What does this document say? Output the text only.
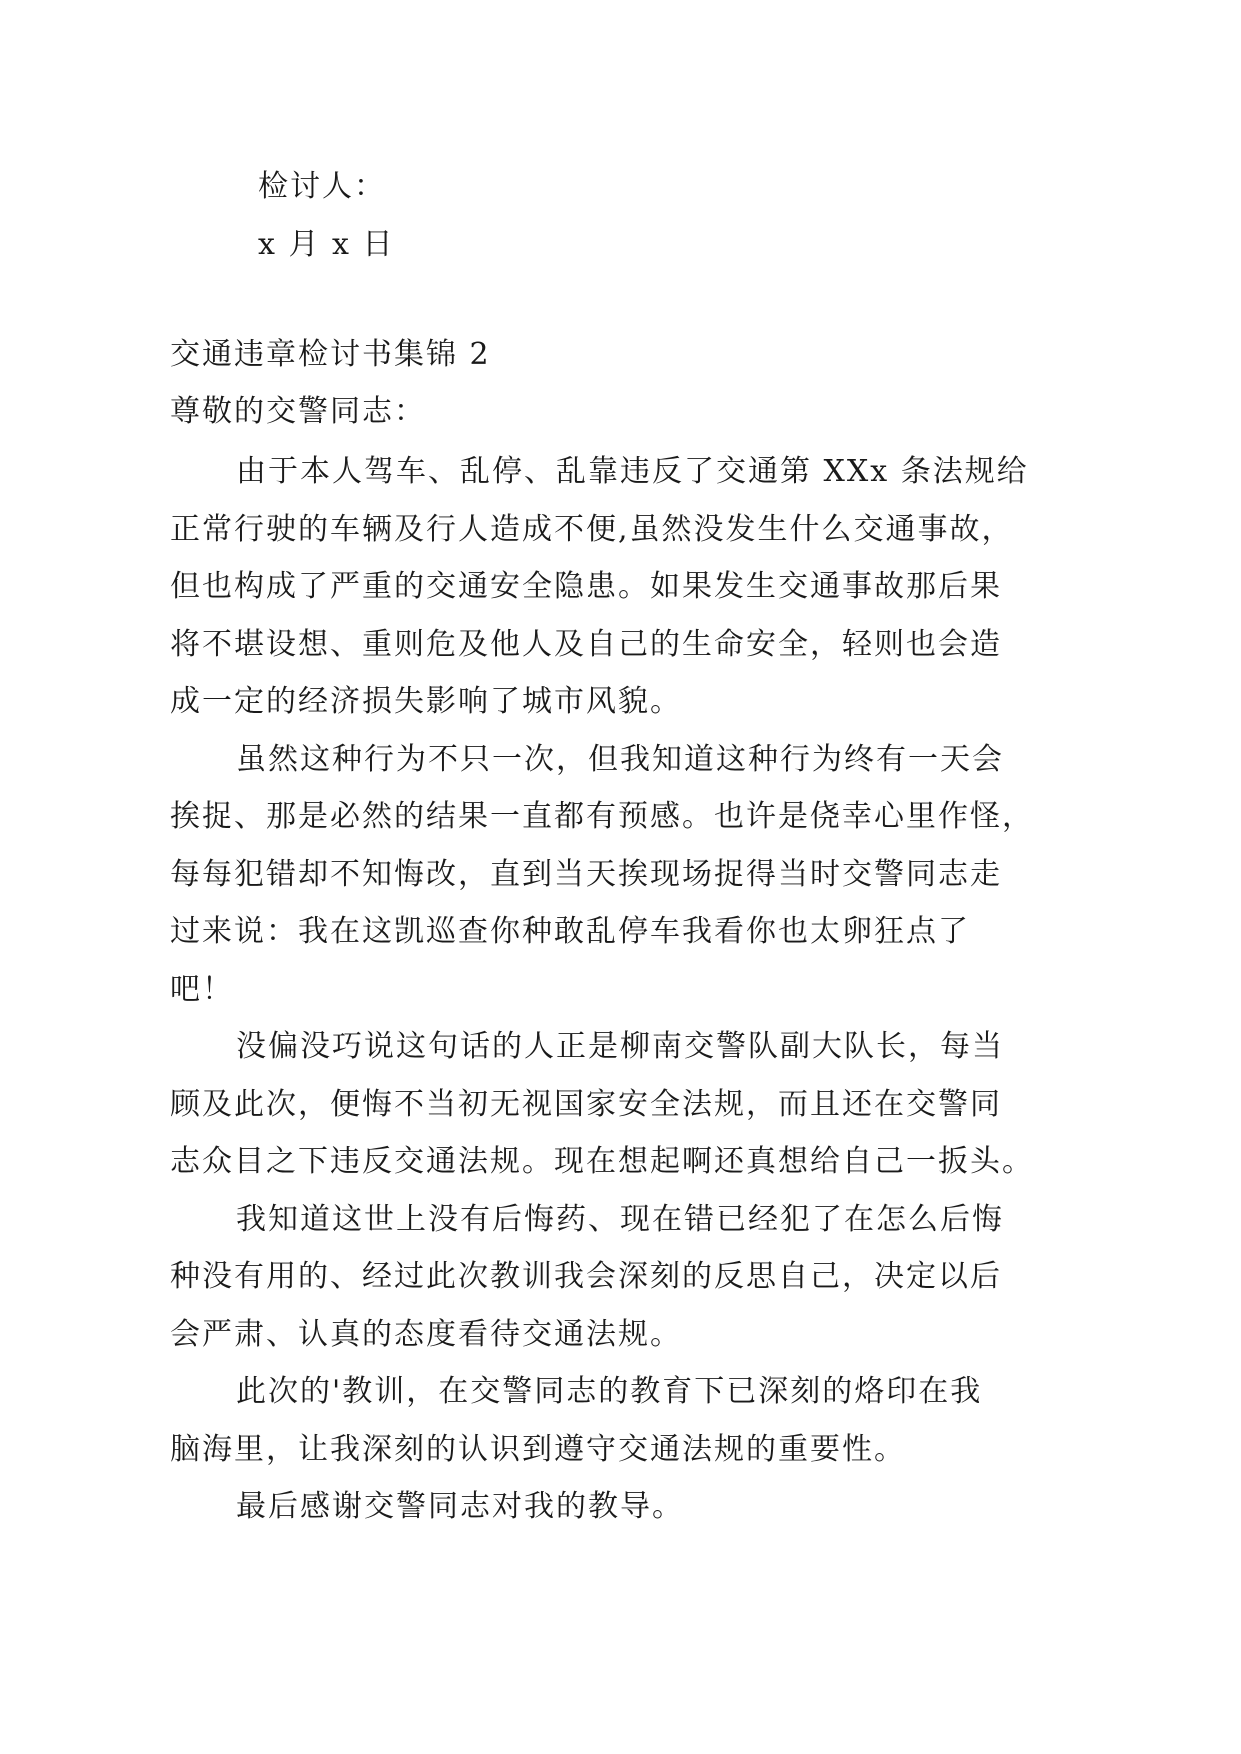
检讨人：
x 月 x 日
交通违章检讨书集锦 2
尊敬的交警同志：
由于本人驾车、乱停、乱靠违反了交通第 XXx 条法规给
正常行驶的车辆及行人造成不便,虽然没发生什么交通事故，
但也构成了严重的交通安全隐患。如果发生交通事故那后果
将不堪设想、重则危及他人及自己的生命安全，轻则也会造
成一定的经济损失影响了城市风貌。
虽然这种行为不只一次，但我知道这种行为终有一天会
挨捉、那是必然的结果一直都有预感。也许是侥幸心里作怪，
每每犯错却不知悔改，直到当天挨现场捉得当时交警同志走
过来说：我在这凯巡查你种敢乱停车我看你也太卵狂点了
吧！
没偏没巧说这句话的人正是柳南交警队副大队长，每当
顾及此次，便悔不当初无视国家安全法规，而且还在交警同
志众目之下违反交通法规。现在想起啊还真想给自己一扳头。
我知道这世上没有后悔药、现在错已经犯了在怎么后悔
种没有用的、经过此次教训我会深刻的反思自己，决定以后
会严肃、认真的态度看待交通法规。
此次的'教训，在交警同志的教育下已深刻的烙印在我
脑海里，让我深刻的认识到遵守交通法规的重要性。
最后感谢交警同志对我的教导。
